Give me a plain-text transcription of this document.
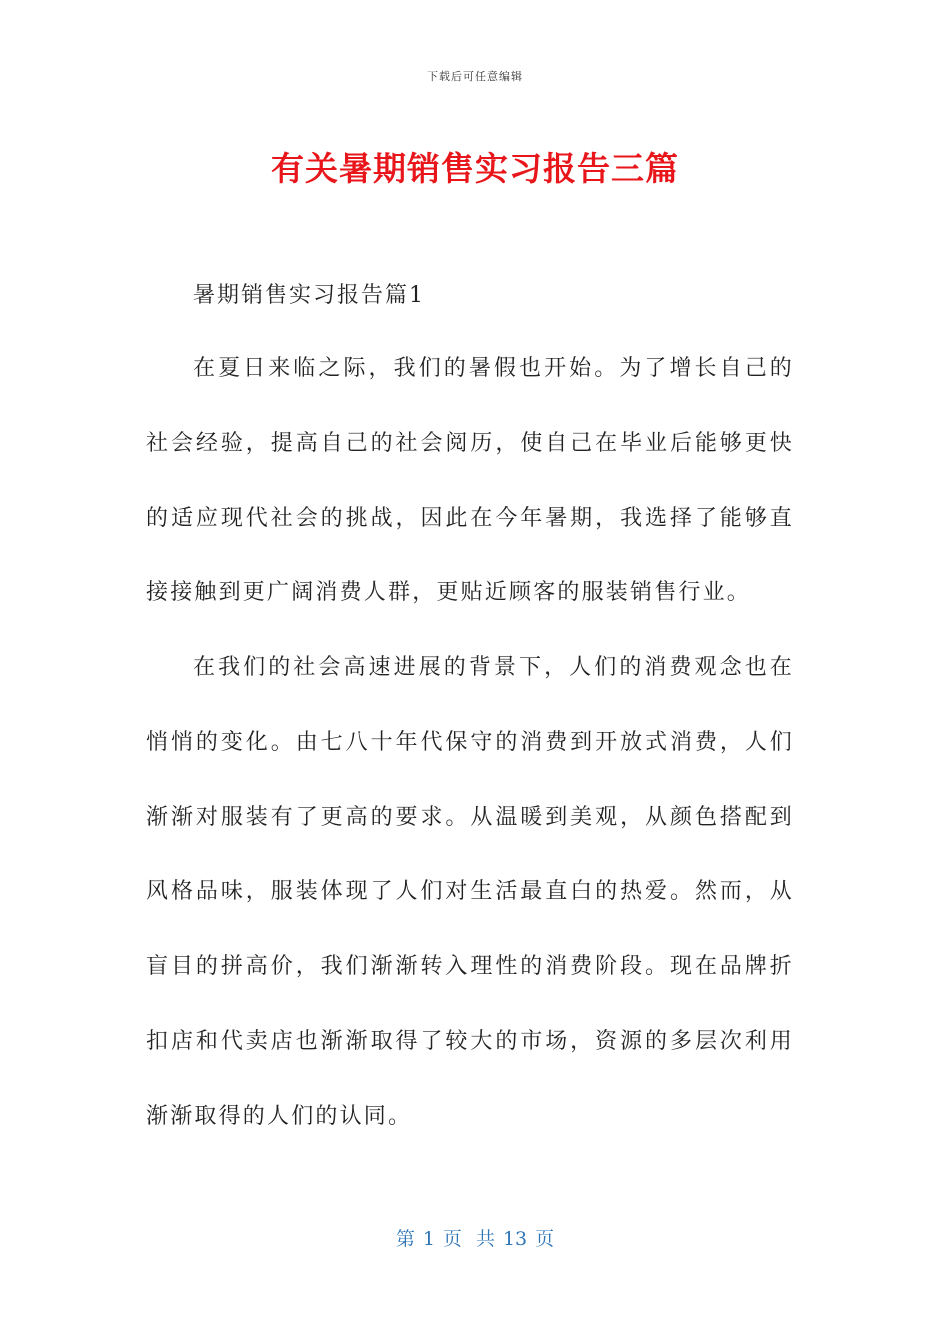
下载后可任意编辑
有关暑期销售实习报告三篇
暑期销售实习报告篇1

在夏日来临之际，我们的暑假也开始。为了增长自己的社会经验，提高自己的社会阅历，使自己在毕业后能够更快的适应现代社会的挑战，因此在今年暑期，我选择了能够直接接触到更广阔消费人群，更贴近顾客的服装销售行业。

在我们的社会高速进展的背景下，人们的消费观念也在悄悄的变化。由七八十年代保守的消费到开放式消费，人们渐渐对服装有了更高的要求。从温暖到美观，从颜色搭配到风格品味，服装体现了人们对生活最直白的热爱。然而，从盲目的拼高价，我们渐渐转入理性的消费阶段。现在品牌折扣店和代卖店也渐渐取得了较大的市场，资源的多层次利用渐渐取得的人们的认同。

第 1 页 共 13 页
